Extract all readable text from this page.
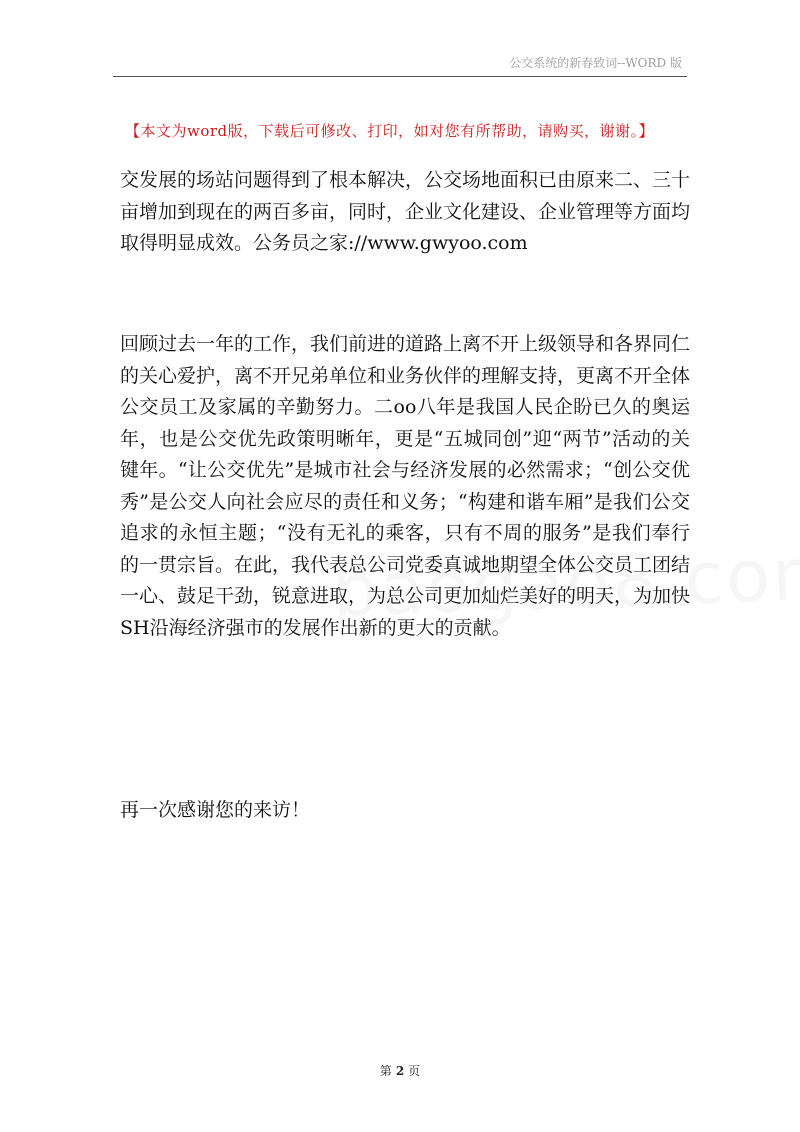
公交系统的新春致词--WORD 版
【本文为word版，下载后可修改、打印，如对您有所帮助，请购买，谢谢。】
交发展的场站问题得到了根本解决，公交场地面积已由原来二、三十亩增加到现在的两百多亩，同时，企业文化建设、企业管理等方面均取得明显成效。公务员之家://www.gwyoo.com
回顾过去一年的工作，我们前进的道路上离不开上级领导和各界同仁的关心爱护，离不开兄弟单位和业务伙伴的理解支持，更离不开全体公交员工及家属的辛勤努力。二oo八年是我国人民企盼已久的奥运年，也是公交优先政策明晰年，更是“五城同创”迎“两节”活动的关键年。“让公交优先”是城市社会与经济发展的必然需求；“创公交优秀”是公交人向社会应尽的责任和义务；“构建和谐车厢”是我们公交追求的永恒主题；“没有无礼的乘客，只有不周的服务”是我们奉行的一贯宗旨。在此，我代表总公司党委真诚地期望全体公交员工团结一心、鼓足干劲，锐意进取，为总公司更加灿烂美好的明天，为加快SH沿海经济强市的发展作出新的更大的贡献。
再一次感谢您的来访！
第 2 页
